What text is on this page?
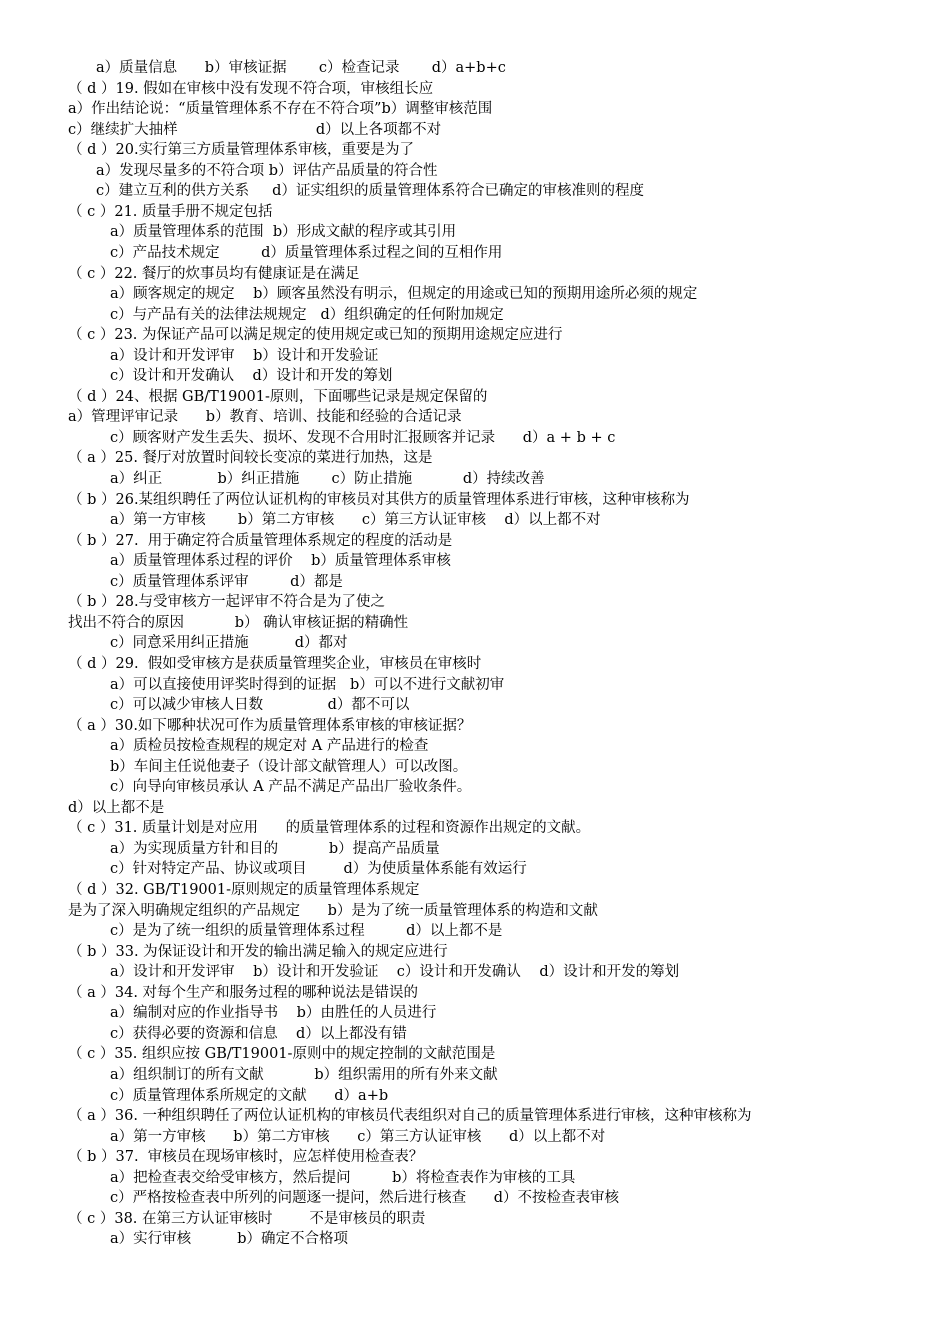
a）质量信息      b）审核证据       c）检查记录       d）a+b+c
（ d ）19. 假如在审核中没有发现不符合项，审核组长应
a）作出结论说：“质量管理体系不存在不符合项”b）调整审核范围
c）继续扩大抽样                              d）以上各项都不对
（ d ）20.实行第三方质量管理体系审核，重要是为了
a）发现尽量多的不符合项 b）评估产品质量的符合性
c）建立互利的供方关系     d）证实组织的质量管理体系符合已确定的审核准则的程度
（ c ）21. 质量手册不规定包括
a）质量管理体系的范围  b）形成文献的程序或其引用
c）产品技术规定         d）质量管理体系过程之间的互相作用
（ c ）22. 餐厅的炊事员均有健康证是在满足
a）顾客规定的规定    b）顾客虽然没有明示，但规定的用途或已知的预期用途所必须的规定
c）与产品有关的法律法规规定   d）组织确定的任何附加规定
（ c ）23. 为保证产品可以满足规定的使用规定或已知的预期用途规定应进行
a）设计和开发评审    b）设计和开发验证
c）设计和开发确认    d）设计和开发的筹划
（ d ）24、根据 GB/T19001-原则，下面哪些记录是规定保留的
a）管理评审记录      b）教育、培训、技能和经验的合适记录
c）顾客财产发生丢失、损坏、发现不合用时汇报顾客并记录      d）a + b + c
（ a ）25. 餐厅对放置时间较长变凉的菜进行加热，这是
a）纠正            b）纠正措施       c）防止措施           d）持续改善
（ b ）26.某组织聘任了两位认证机构的审核员对其供方的质量管理体系进行审核，这种审核称为
a）第一方审核       b）第二方审核      c）第三方认证审核    d）以上都不对
（ b ）27.  用于确定符合质量管理体系规定的程度的活动是
a）质量管理体系过程的评价    b）质量管理体系审核
c）质量管理体系评审         d）都是
（ b ）28.与受审核方一起评审不符合是为了使之
找出不符合的原因           b） 确认审核证据的精确性
c）同意采用纠正措施          d）都对
（ d ）29.  假如受审核方是获质量管理奖企业，审核员在审核时
a）可以直接使用评奖时得到的证据   b）可以不进行文献初审
c）可以减少审核人日数              d）都不可以
（ a ）30.如下哪种状况可作为质量管理体系审核的审核证据？
a）质检员按检查规程的规定对 A 产品进行的检查
b）车间主任说他妻子（设计部文献管理人）可以改图。
c）向导向审核员承认 A 产品不满足产品出厂验收条件。
d）以上都不是
（ c ）31. 质量计划是对应用      的质量管理体系的过程和资源作出规定的文献。
a）为实现质量方针和目的           b）提高产品质量
c）针对特定产品、协议或项目        d）为使质量体系能有效运行
（ d ）32. GB/T19001-原则规定的质量管理体系规定
是为了深入明确规定组织的产品规定      b）是为了统一质量管理体系的构造和文献
c）是为了统一组织的质量管理体系过程         d）以上都不是
（ b ）33. 为保证设计和开发的输出满足输入的规定应进行
a）设计和开发评审    b）设计和开发验证    c）设计和开发确认    d）设计和开发的筹划
（ a ）34. 对每个生产和服务过程的哪种说法是错误的
a）编制对应的作业指导书    b）由胜任的人员进行
c）获得必要的资源和信息    d）以上都没有错
（ c ）35. 组织应按 GB/T19001-原则中的规定控制的文献范围是
a）组织制订的所有文献           b）组织需用的所有外来文献
c）质量管理体系所规定的文献      d）a+b
（ a ）36. 一种组织聘任了两位认证机构的审核员代表组织对自己的质量管理体系进行审核，这种审核称为
a）第一方审核      b）第二方审核      c）第三方认证审核      d）以上都不对
（ b ）37.  审核员在现场审核时，应怎样使用检查表？
a）把检查表交给受审核方，然后提问         b）将检查表作为审核的工具
c）严格按检查表中所列的问题逐一提问，然后进行核查      d）不按检查表审核
（ c ）38. 在第三方认证审核时        不是审核员的职责
a）实行审核          b）确定不合格项
